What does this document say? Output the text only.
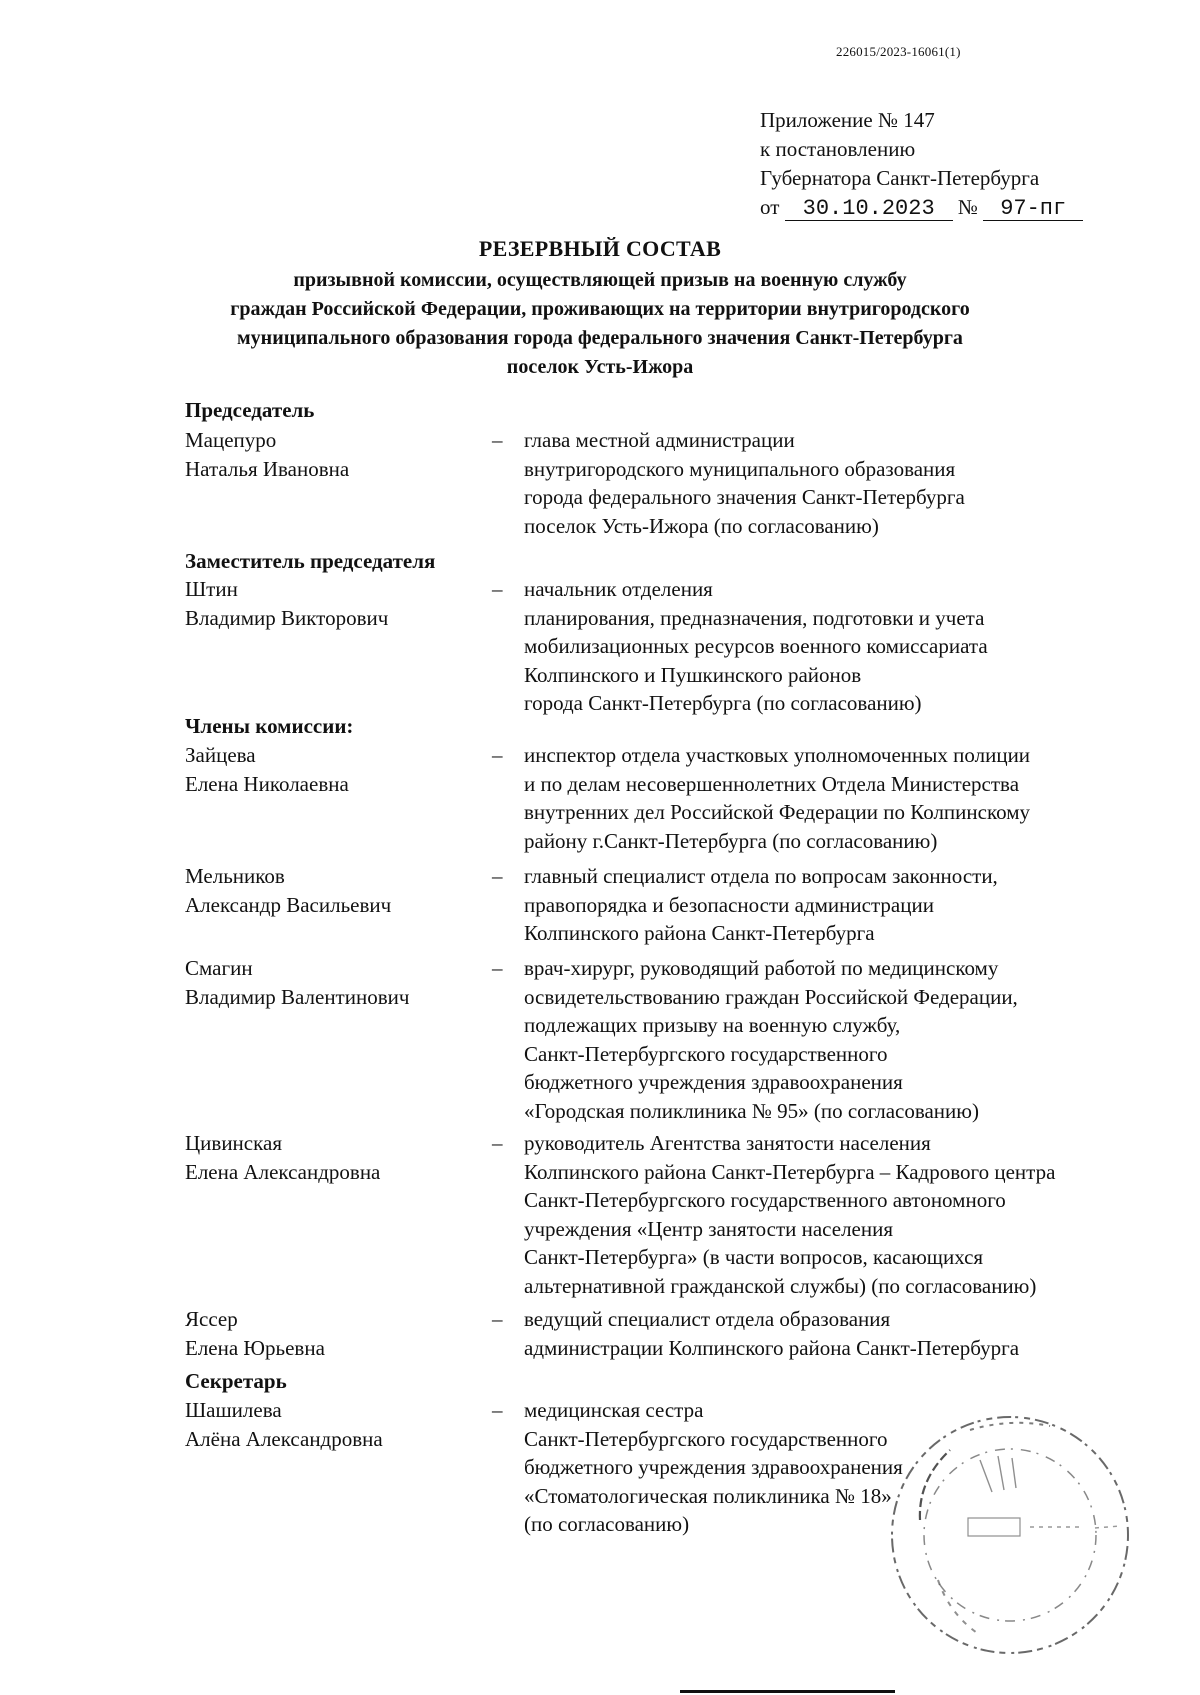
226015/2023-16061(1)
Приложение № 147
к постановлению
Губернатора Санкт-Петербурга
от 30.10.2023 № 97-пг
РЕЗЕРВНЫЙ СОСТАВ
призывной комиссии, осуществляющей призыв на военную службу
граждан Российской Федерации, проживающих на территории внутригородского
муниципального образования города федерального значения Санкт-Петербурга
поселок Усть-Ижора
Председатель
Мацепуро
Наталья Ивановна
– глава местной администрации
внутригородского муниципального образования
города федерального значения Санкт-Петербурга
поселок Усть-Ижора (по согласованию)
Заместитель председателя
Штин
Владимир Викторович
– начальник отделения
планирования, предназначения, подготовки и учета
мобилизационных ресурсов военного комиссариата
Колпинского и Пушкинского районов
города Санкт-Петербурга (по согласованию)
Члены комиссии:
Зайцева
Елена Николаевна
– инспектор отдела участковых уполномоченных полиции
и по делам несовершеннолетних Отдела Министерства
внутренних дел Российской Федерации по Колпинскому
району г.Санкт-Петербурга (по согласованию)
Мельников
Александр Васильевич
– главный специалист отдела по вопросам законности,
правопорядка и безопасности администрации
Колпинского района Санкт-Петербурга
Смагин
Владимир Валентинович
– врач-хирург, руководящий работой по медицинскому
освидетельствованию граждан Российской Федерации,
подлежащих призыву на военную службу,
Санкт-Петербургского государственного
бюджетного учреждения здравоохранения
«Городская поликлиника № 95» (по согласованию)
Цивинская
Елена Александровна
– руководитель Агентства занятости населения
Колпинского района Санкт-Петербурга – Кадрового центра
Санкт-Петербургского государственного автономного
учреждения «Центр занятости населения
Санкт-Петербурга» (в части вопросов, касающихся
альтернативной гражданской службы) (по согласованию)
Яссер
Елена Юрьевна
– ведущий специалист отдела образования
администрации Колпинского района Санкт-Петербурга
Секретарь
Шашилева
Алёна Александровна
– медицинская сестра
Санкт-Петербургского государственного
бюджетного учреждения здравоохранения
«Стоматологическая поликлиника № 18»
(по согласованию)
